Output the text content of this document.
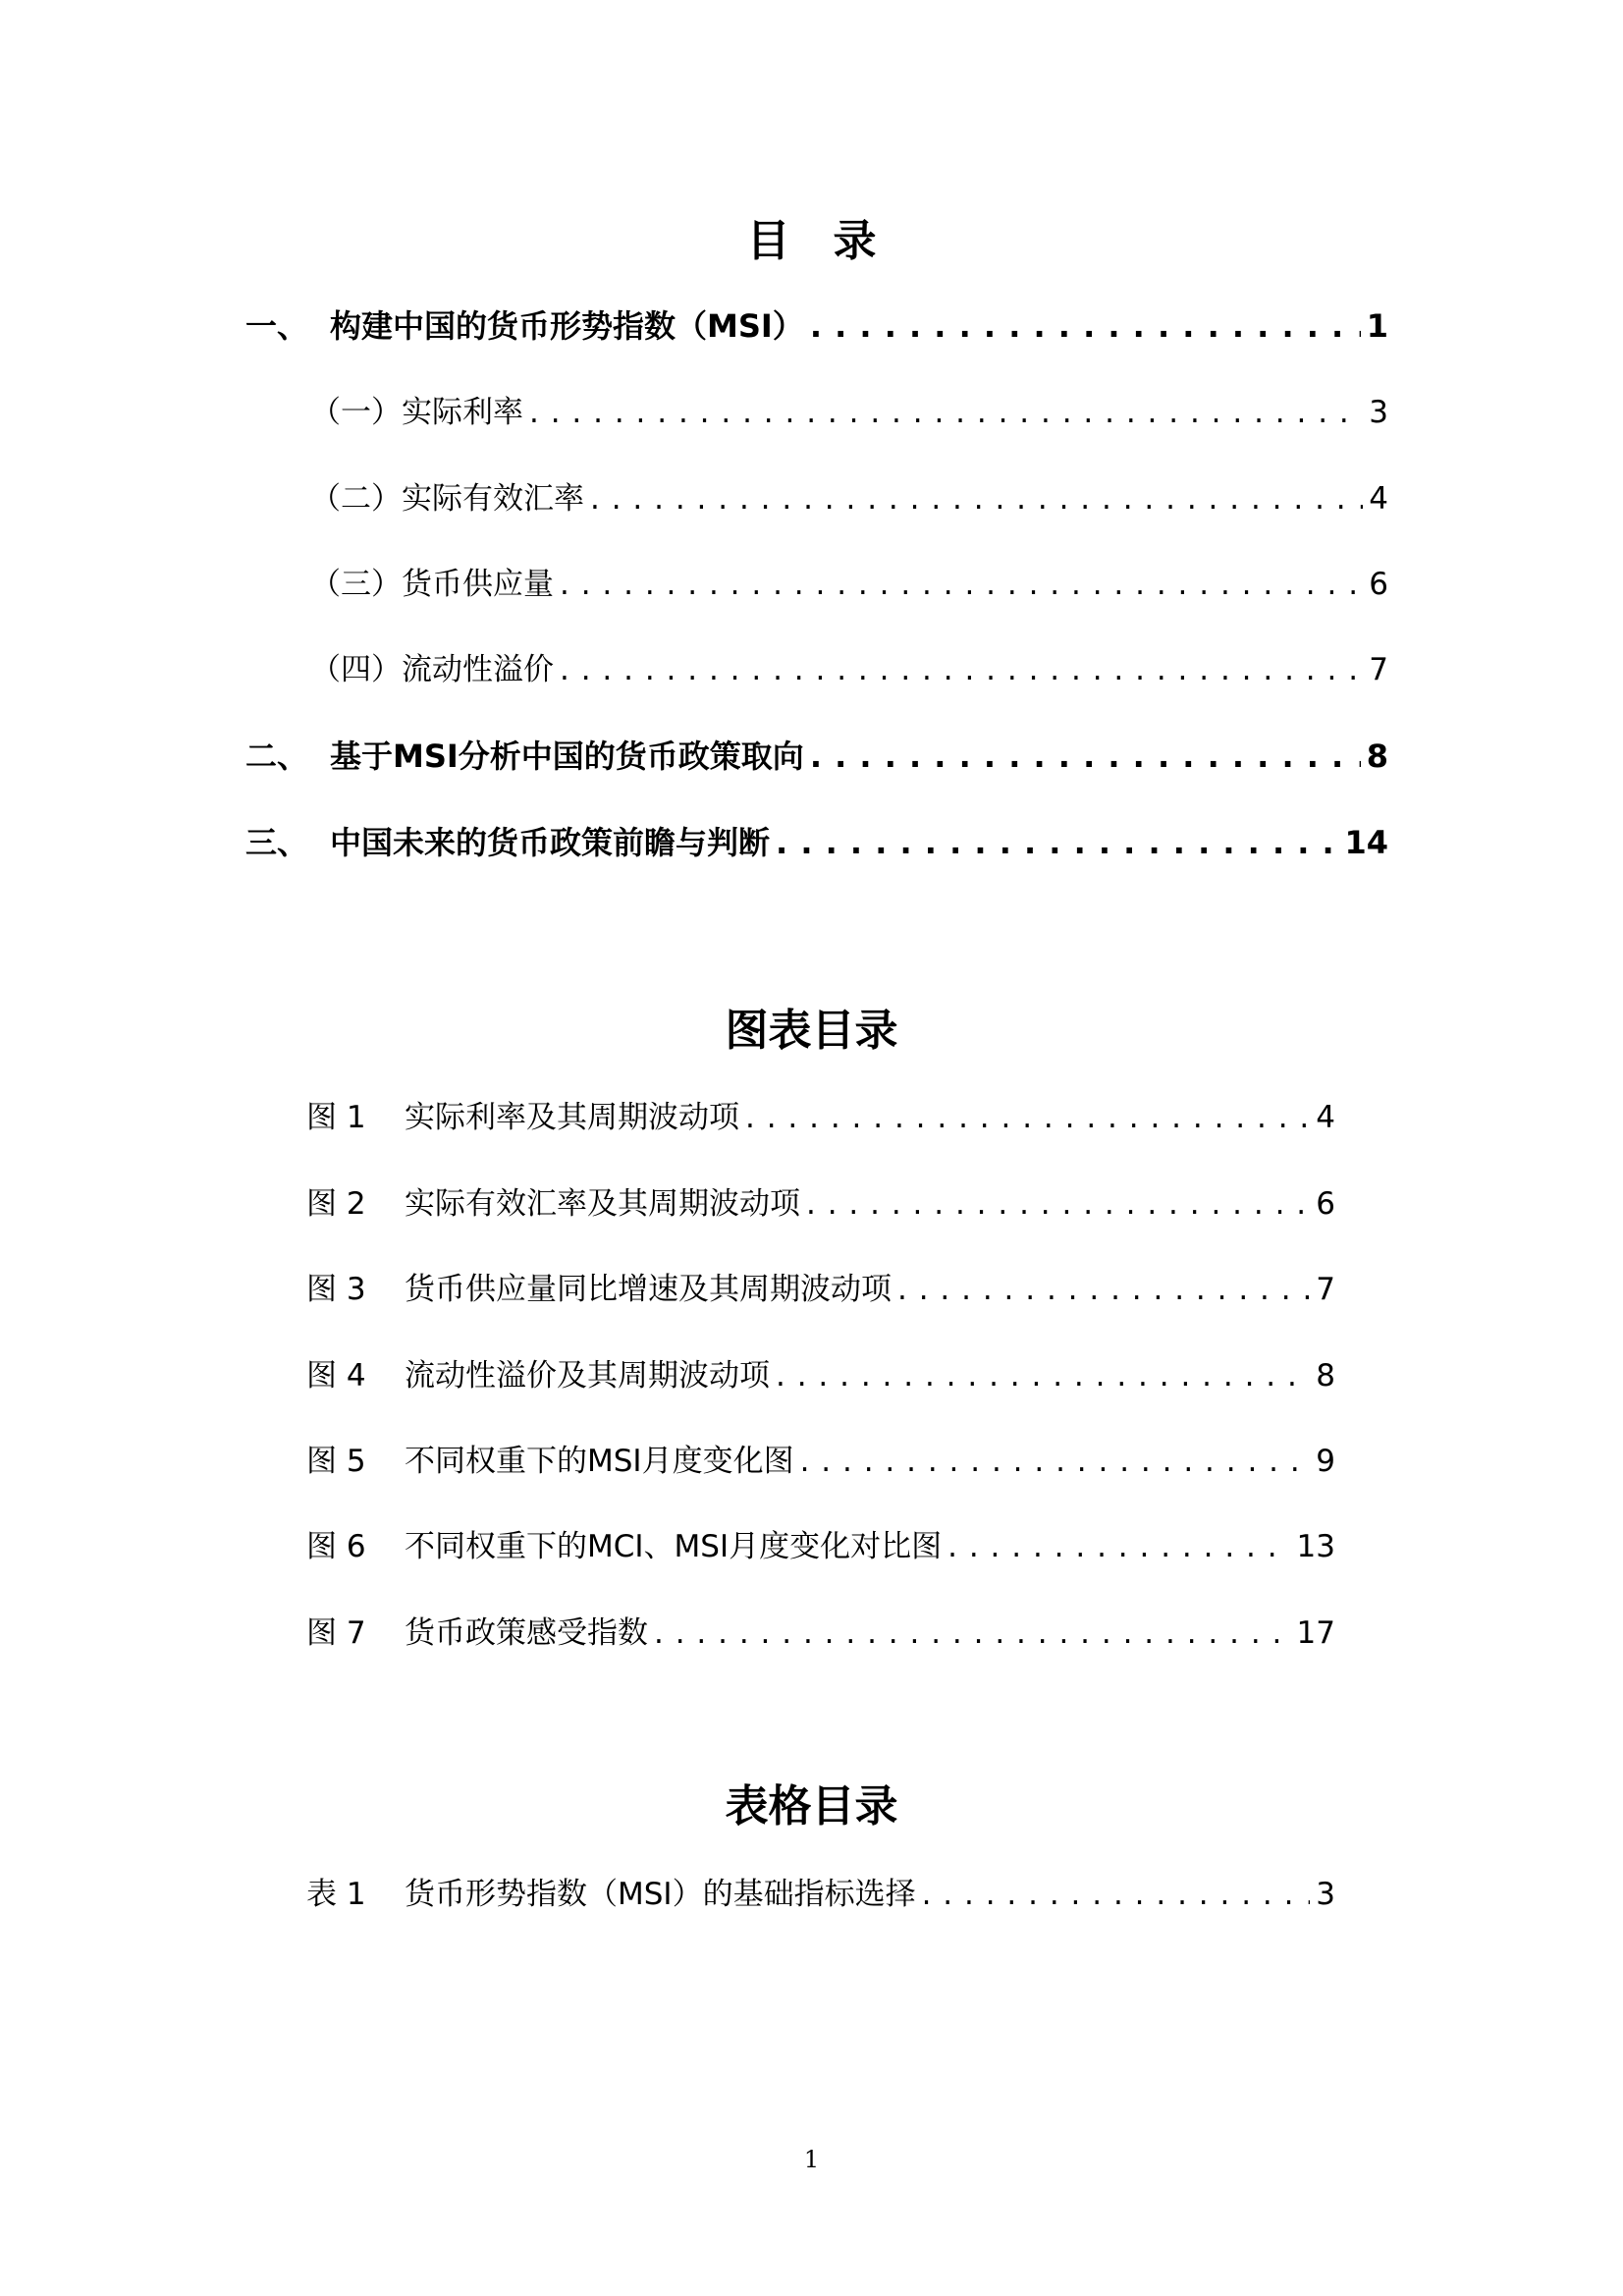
目　录
一、 构建中国的货币形势指数（MSI） . . .	1
（一）实际利率 . . .	3
（二）实际有效汇率 . . .	4
（三）货币供应量 . . .	6
（四）流动性溢价 . . .	7
二、 基于MSI分析中国的货币政策取向 . . .	8
三、 中国未来的货币政策前瞻与判断 . . .	14
图表目录
图 1	实际利率及其周期波动项 . . .	4
图 2	实际有效汇率及其周期波动项 . . .	6
图 3	货币供应量同比增速及其周期波动项 . . .	7
图 4	流动性溢价及其周期波动项 . . .	8
图 5	不同权重下的MSI月度变化图 . . .	9
图 6	不同权重下的MCI、MSI月度变化对比图 . . .	13
图 7	货币政策感受指数 . . .	17
表格目录
表 1	货币形势指数（MSI）的基础指标选择 . . .	3
1
